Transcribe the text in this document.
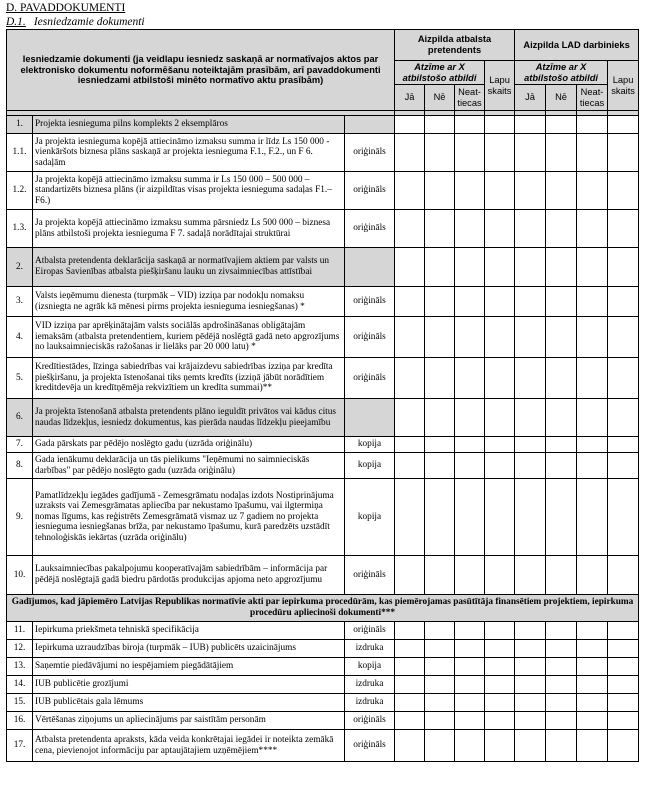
D. PAVADDOKUMENTI
D.1. Iesniedzamie dokumenti
Iesniedzamie dokumenti (ja veidlapu iesniedz saskaņā ar normatīvajos aktos par elektronisko dokumentu noformēšanu noteiktajām prasībām, arī pavaddokumenti iesniedzami atbilstoši minēto normatīvo aktu prasībām)			Aizpilda atbalsta pretendents				Aizpilda LAD darbinieks			
			Atzīme ar X atbilstošo atbildi			Lapu skaits	Atzīme ar X atbilstošo atbildi			Lapu skaits
			Jā	Nē	Neat-tiecas		Jā	Nē	Neat-tiecas	

1.	Projekta iesnieguma pilns komplekts 2 eksemplāros									
1.1.	Ja projekta iesnieguma kopējā attiecināmo izmaksu summa ir līdz Ls 150 000 - vienkāršots biznesa plāns saskaņā ar projekta iesnieguma F.1., F.2., un F 6. sadaļām	oriģināls								
1.2.	Ja projekta kopējā attiecināmo izmaksu summa ir Ls 150 000 – 500 000 – standartizēts biznesa plāns (ir aizpildītas visas projekta iesnieguma sadaļas F1.–F6.)	oriģināls								
1.3.	Ja projekta kopējā attiecināmo izmaksu summa pārsniedz Ls 500 000 – biznesa plāns atbilstoši projekta iesnieguma F 7. sadaļā norādītajai struktūrai	oriģināls								
2.	Atbalsta pretendenta deklarācija saskaņā ar normatīvajiem aktiem par valsts un Eiropas Savienības atbalsta piešķiršanu lauku un zivsaimniecības attīstībai									
3.	Valsts ieņēmumu dienesta (turpmāk – VID) izziņa par nodokļu nomaksu (izsniegta ne agrāk kā mēnesi pirms projekta iesnieguma iesniegšanas) *	oriģināls								
4.	VID izziņa par aprēķinātajām valsts sociālās apdrošināšanas obligātajām iemaksām (atbalsta pretendentiem, kuriem pēdējā noslēgtā gadā neto apgrozījums no lauksaimnieciskās ražošanas ir lielāks par 20 000 latu) *	oriģināls								
5.	Kredītiestādes, līzinga sabiedrības vai krājaizdevu sabiedrības izziņa par kredīta piešķiršanu, ja projekta īstenošanai tiks ņemts kredīts (izziņā jābūt norādītiem kreditdevēja un kredītņēmēja rekvizītiem un kredīta summai)**	oriģināls								
6.	Ja projekta īstenošanā atbalsta pretendents plāno ieguldīt privātos vai kādus citus naudas līdzekļus, iesniedz dokumentus, kas pierāda naudas līdzekļu pieejamību									
7.	Gada pārskats par pēdējo noslēgto gadu (uzrāda oriģinālu)	kopija								
8.	Gada ienākumu deklarācija un tās pielikums "Ieņēmumi no saimnieciskās darbības" par pēdējo noslēgto gadu (uzrāda oriģinālu)	kopija								
9.	Pamatlīdzekļu iegādes gadījumā - Zemesgrāmatu nodaļas izdots Nostiprinājuma uzraksts vai Zemesgrāmatas apliecība par nekustamo īpašumu, vai ilgtermiņa nomas līgums, kas reģistrēts Zemesgrāmatā vismaz uz 7 gadiem no projekta iesnieguma iesniegšanas brīža, par nekustamo īpašumu, kurā paredzēts uzstādīt tehnoloģiskās iekārtas (uzrāda oriģinālu)	kopija								
10.	Lauksaimniecības pakalpojumu kooperatīvajām sabiedrībām – informācija par pēdējā noslēgtajā gadā biedru pārdotās produkcijas apjoma neto apgrozījumu	oriģināls								
Gadījumos, kad jāpiemēro Latvijas Republikas normatīvie akti par iepirkuma procedūrām, kas piemērojamas pasūtītāja finansētiem projektiem, iepirkuma procedūru apliecinoši dokumenti***										
11.	Iepirkuma priekšmeta tehniskā specifikācija	oriģināls								
12.	Iepirkuma uzraudzības biroja (turpmāk – IUB) publicēts uzaicinājums	izdruka								
13.	Saņemtie piedāvājumi no iespējamiem piegādātājiem	kopija								
14.	IUB publicētie grozījumi	izdruka								
15.	IUB publicētais gala lēmums	izdruka								
16.	Vērtēšanas ziņojums un apliecinājums par saistītām personām	oriģināls								
17.	Atbalsta pretendenta apraksts, kāda veida konkrētajai iegādei ir noteikta zemākā cena, pievienojot informāciju par aptaujātajiem uzņēmējiem****	oriģināls								
